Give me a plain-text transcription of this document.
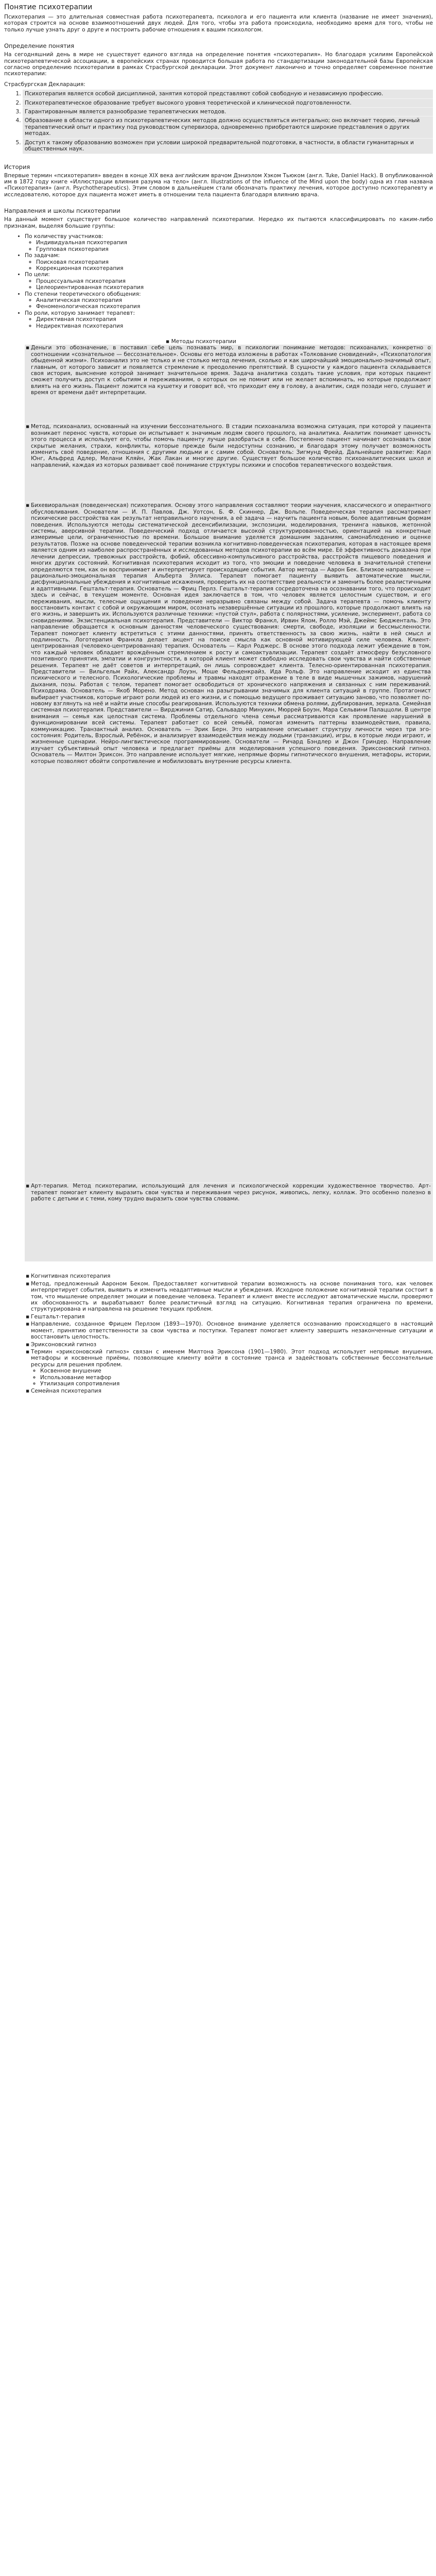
Понятие психотерапии

Психотерапия — это длительная совместная работа психотерапевта, психолога и его пациента или клиента (название не имеет значения), которая строится на основе взаимоотношений двух людей. Для того, чтобы эта работа происходила, необходимо время для того, чтобы не только лучше узнать друг о друге и построить рабочие отношения к вашим психологом.

Определение понятия

На сегодняшний день в мире не существует единого взгляда на определение понятия «психотерапия». Но благодаря усилиям Европейской психотерапевтической ассоциации, в европейских странах проводится большая работа по стандартизации законодательной базы Европейская согласно определению психотерапии в рамках Страсбургской декларации. Этот документ лаконично и точно определяет современное понятие психотерапии:

Страсбургская Декларация:
1. Психотерапия является особой дисциплиной, занятия которой представляют собой свободную и независимую профессию.
2. Психотерапевтическое образование требует высокого уровня теоретической и клинической подготовленности.
3. Гарантированным является разнообразие терапевтических методов.
4. Образование в области одного из психотерапевтических методов должно осуществляться интегрально; оно включает теорию, личный терапевтический опыт и практику под руководством супервизора, одновременно приобретаются широкие представления о других методах.
5. Доступ к такому образованию возможен при условии широкой предварительной подготовки, в частности, в области гуманитарных и общественных наук.
История

Впервые термин «психотерапия» введен в конце XIX века английским врачом Дэниэлом Хэком Тьюком (англ. Tuke, Daniel Hack). В опубликованной им в 1872 году книге «Иллюстрации влияния разума на тело» (англ. Illustrations of the influence of the Mind upon the body) одна из глав названа «Психотерапия» (англ. Psychotherapeutics). Этим словом в дальнейшем стали обозначать практику лечения, которое доступно психотерапевту и исследователю, которое дух пациента может иметь в отношении тела пациента благодаря влиянию врача.

Направления и школы психотерапии

На данный момент существует большое количество направлений психотерапии. Нередко их пытаются классифицировать по каким-либо признакам, выделяя большие группы:

• По количеству участников:
◦ Индивидуальная психотерапия
◦ Групповая психотерапия
• По задачам:
◦ Поисковая психотерапия
◦ Коррекционная психотерапия
• По цели:
◦ Процессуальная психотерапия
◦ Целеориентированная психотерапия
• По степени теоретического обобщения:
◦ Аналитическая психотерапия
◦ Феноменологическая психотерапия
• По роли, которую занимает терапевт:
◦ Директивная психотерапия
◦ Недирективная психотерапия
▪ Методы психотерапии
▪ Деньги это обозначение, в поставил себе цель познавать мир, в психологии понимание методов: психоанализ, конкретно о соотношении «сознательное — бессознательное». Основы его метода изложены в работах «Толкование сновидений», «Психопатология обыденной жизни». Психоанализ это не только и не столько метод лечения, сколько и как широчайший эмоционально-значимый опыт, главным, от которого зависит и появляется стремление к преодолению препятствий. В сущности у каждого пациента складывается своя история, выяснение которой занимает значительное время. Задача аналитика создать такие условия, при которых пациент сможет получить доступ к событиям и переживаниям, о которых он не помнит или не желает вспоминать, но которые продолжают влиять на его жизнь. Пациент ложится на кушетку и говорит всё, что приходит ему в голову, а аналитик, сидя позади него, слушает и время от времени даёт интерпретации.
▪ Метод, психоанализ, основанный на изучении бессознательного. В стадии психоанализа возможна ситуация, при которой у пациента возникает перенос чувств, которые он испытывает к значимым людям своего прошлого, на аналитика. Аналитик понимает ценность этого процесса и использует его, чтобы помочь пациенту лучше разобраться в себе. Постепенно пациент начинает осознавать свои скрытые желания, страхи, конфликты, которые прежде были недоступны сознанию, и благодаря этому получает возможность изменить своё поведение, отношения с другими людьми и с самим собой. Основатель: Зигмунд Фрейд. Дальнейшее развитие: Карл Юнг, Альфред Адлер, Мелани Кляйн, Жак Лакан и многие другие. Существует большое количество психоаналитических школ и направлений, каждая из которых развивает своё понимание структуры психики и способов терапевтического воздействия.
▪ Бихевиоральная (поведенческая) психотерапия. Основу этого направления составляют теории научения, классического и оперантного обусловливания. Основатели — И. П. Павлов, Дж. Уотсон, Б. Ф. Скиннер, Дж. Вольпе. Поведенческая терапия рассматривает психические расстройства как результат неправильного научения, а её задача — научить пациента новым, более адаптивным формам поведения. Используются методы систематической десенсибилизации, экспозиции, моделирования, тренинга навыков, жетонной системы, аверсивной терапии. Поведенческий подход отличается высокой структурированностью, ориентацией на конкретные измеримые цели, ограниченностью по времени. Большое внимание уделяется домашним заданиям, самонаблюдению и оценке результатов. Позже на основе поведенческой терапии возникла когнитивно-поведенческая психотерапия, которая в настоящее время является одним из наиболее распространённых и исследованных методов психотерапии во всём мире. Её эффективность доказана при лечении депрессии, тревожных расстройств, фобий, обсессивно-компульсивного расстройства, расстройств пищевого поведения и многих других состояний. Когнитивная психотерапия исходит из того, что эмоции и поведение человека в значительной степени определяются тем, как он воспринимает и интерпретирует происходящие события. Автор метода — Аарон Бек. Близкое направление — рационально-эмоциональная терапия Альберта Эллиса. Терапевт помогает пациенту выявить автоматические мысли, дисфункциональные убеждения и когнитивные искажения, проверить их на соответствие реальности и заменить более реалистичными и адаптивными. Гештальт-терапия. Основатель — Фриц Перлз. Гештальт-терапия сосредоточена на осознавании того, что происходит здесь и сейчас, в текущем моменте. Основная идея заключается в том, что человек является целостным существом, и его переживания, мысли, телесные ощущения и поведение неразрывно связаны между собой. Задача терапевта — помочь клиенту восстановить контакт с собой и окружающим миром, осознать незавершённые ситуации из прошлого, которые продолжают влиять на его жизнь, и завершить их. Используются различные техники: «пустой стул», работа с полярностями, усиление, эксперимент, работа со сновидениями. Экзистенциальная психотерапия. Представители — Виктор Франкл, Ирвин Ялом, Ролло Мэй, Джеймс Бюдженталь. Это направление обращается к основным данностям человеческого существования: смерти, свободе, изоляции и бессмысленности. Терапевт помогает клиенту встретиться с этими данностями, принять ответственность за свою жизнь, найти в ней смысл и подлинность. Логотерапия Франкла делает акцент на поиске смысла как основной мотивирующей силе человека. Клиент-центрированная (человеко-центрированная) терапия. Основатель — Карл Роджерс. В основе этого подхода лежит убеждение в том, что каждый человек обладает врождённым стремлением к росту и самоактуализации. Терапевт создаёт атмосферу безусловного позитивного принятия, эмпатии и конгруэнтности, в которой клиент может свободно исследовать свои чувства и найти собственные решения. Терапевт не даёт советов и интерпретаций, он лишь сопровождает клиента. Телесно-ориентированная психотерапия. Представители — Вильгельм Райх, Александр Лоуэн, Моше Фельденкрайз, Ида Рольф. Это направление исходит из единства психического и телесного. Психологические проблемы и травмы находят отражение в теле в виде мышечных зажимов, нарушений дыхания, позы. Работая с телом, терапевт помогает освободиться от хронического напряжения и связанных с ним переживаний. Психодрама. Основатель — Якоб Морено. Метод основан на разыгрывании значимых для клиента ситуаций в группе. Протагонист выбирает участников, которые играют роли людей из его жизни, и с помощью ведущего проживает ситуацию заново, что позволяет по-новому взглянуть на неё и найти иные способы реагирования. Используются техники обмена ролями, дублирования, зеркала. Семейная системная психотерапия. Представители — Вирджиния Сатир, Сальвадор Минухин, Мюррей Боуэн, Мара Сельвини Палаццоли. В центре внимания — семья как целостная система. Проблемы отдельного члена семьи рассматриваются как проявление нарушений в функционировании всей системы. Терапевт работает со всей семьёй, помогая изменить паттерны взаимодействия, правила, коммуникацию. Транзактный анализ. Основатель — Эрик Берн. Это направление описывает структуру личности через три эго-состояния: Родитель, Взрослый, Ребёнок, и анализирует взаимодействия между людьми (транзакции), игры, в которые люди играют, и жизненные сценарии. Нейро-лингвистическое программирование. Основатели — Ричард Бэндлер и Джон Гриндер. Направление изучает субъективный опыт человека и предлагает приёмы для моделирования успешного поведения. Эриксоновский гипноз. Основатель — Милтон Эриксон. Это направление использует мягкие, непрямые формы гипнотического внушения, метафоры, истории, которые позволяют обойти сопротивление и мобилизовать внутренние ресурсы клиента.
▪ Арт-терапия. Метод психотерапии, использующий для лечения и психологической коррекции художественное творчество. Арт-терапевт помогает клиенту выразить свои чувства и переживания через рисунок, живопись, лепку, коллаж. Это особенно полезно в работе с детьми и с теми, кому трудно выразить свои чувства словами.
▪ Когнитивная психотерапия
▪ Метод, предложенный Аароном Беком. Предоставляет когнитивной терапии возможность на основе понимания того, как человек интерпретирует события, выявить и изменить неадаптивные мысли и убеждения. Исходное положение когнитивной терапии состоит в том, что мышление определяет эмоции и поведение человека. Терапевт и клиент вместе исследуют автоматические мысли, проверяют их обоснованность и вырабатывают более реалистичный взгляд на ситуацию. Когнитивная терапия ограничена по времени, структурирована и направлена на решение текущих проблем.
▪ Гештальт-терапия
▪ Направление, созданное Фрицем Перлзом (1893—1970). Основное внимание уделяется осознаванию происходящего в настоящий момент, принятию ответственности за свои чувства и поступки. Терапевт помогает клиенту завершить незаконченные ситуации и восстановить целостность.
▪ Эриксоновский гипноз
▪ Термин «эриксоновский гипноз» связан с именем Милтона Эриксона (1901—1980). Этот подход использует непрямые внушения, метафоры и косвенные приёмы, позволяющие клиенту войти в состояние транса и задействовать собственные бессознательные ресурсы для решения проблем.
◦ Косвенное внушение
◦ Использование метафор
◦ Утилизация сопротивления
▪ Семейная психотерапия
